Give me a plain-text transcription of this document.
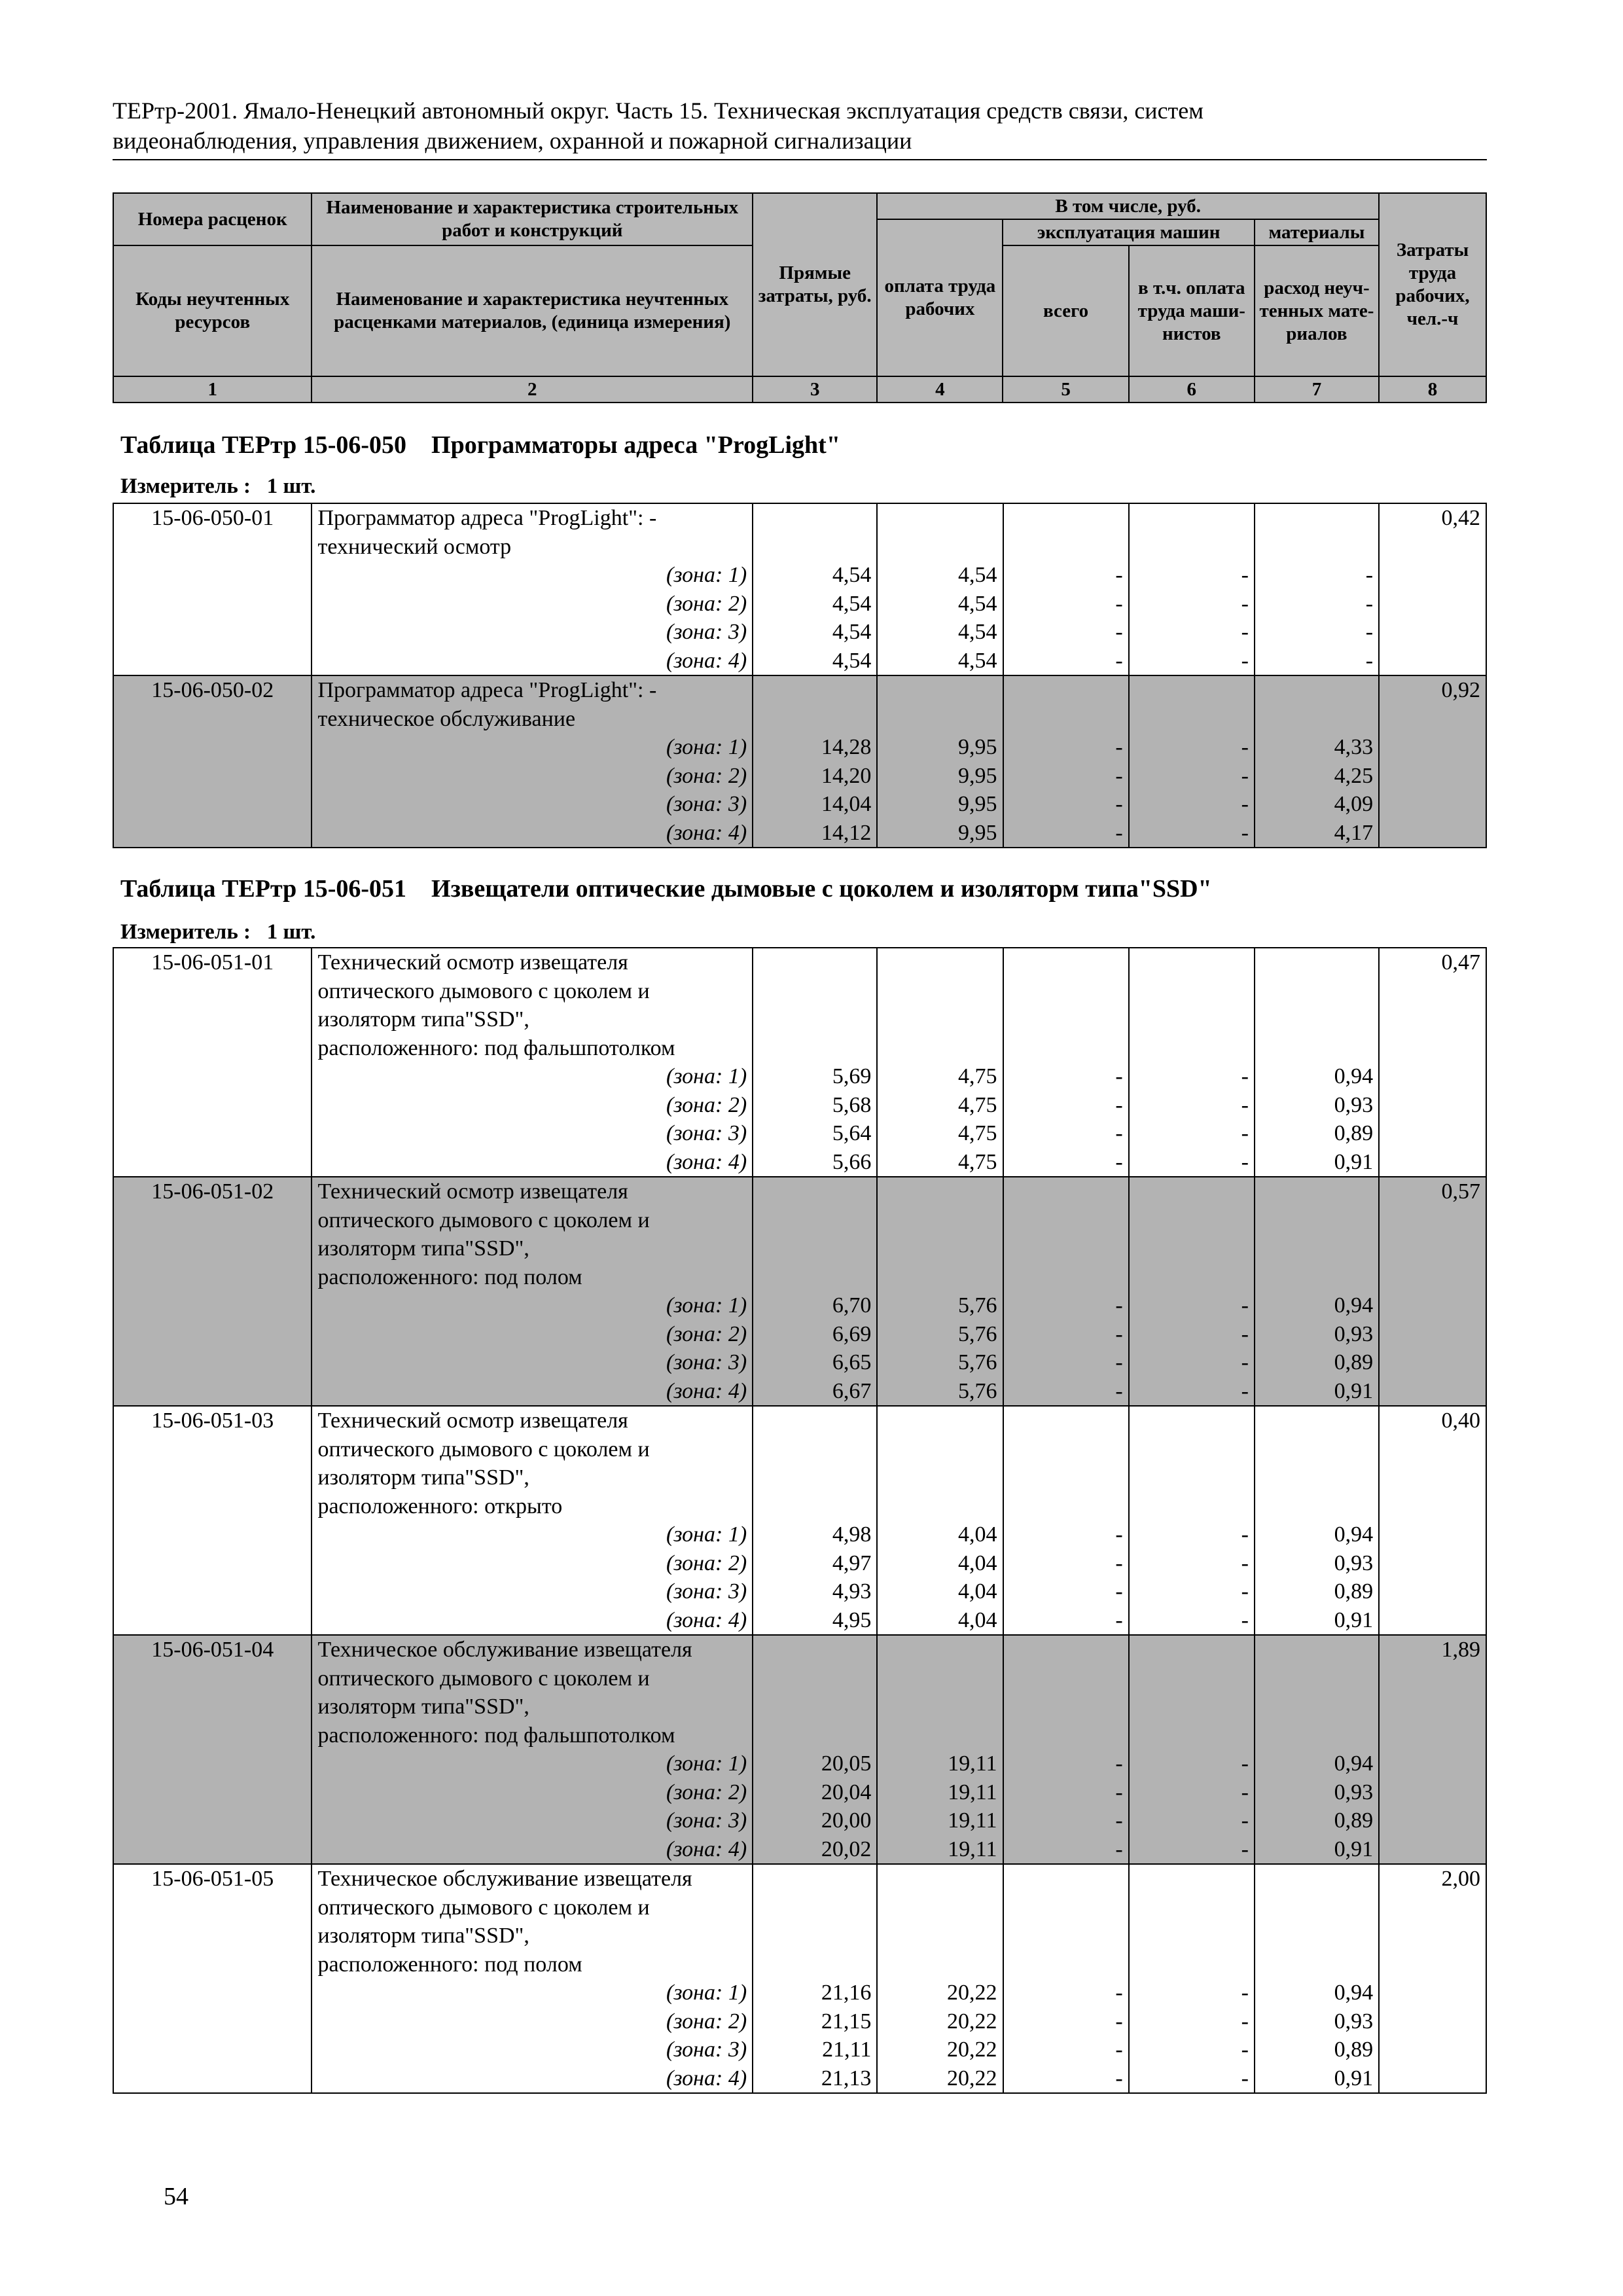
ТЕРтр-2001. Ямало-Ненецкий автономный округ. Часть 15. Техническая эксплуатация средств связи, систем
видеонаблюдения, управления движением, охранной и пожарной сигнализации
Номера расценок	Наименование и характеристика строительных работ и конструкций	Прямые затраты, руб.	В том числе, руб.				Затраты труда рабочих, чел.-ч
			оплата труда рабочих	эксплуатация машин		материалы	
Коды неучтенных ресурсов	Наименование и характеристика неучтенных расценками материалов, (единица измерения)			всего	в т.ч. оплата труда маши-нистов	расход неуч-тенных мате-риалов	
1	2	3	4	5	6	7	8
Таблица ТЕРтр 15-06-050 Программаторы адреса "ProgLight"
Измеритель : 1 шт.
15-06-050-01	Программатор адреса "ProgLight": -						0,42
	технический осмотр						
	(зона: 1)	4,54	4,54	-	-	-	
	(зона: 2)	4,54	4,54	-	-	-	
	(зона: 3)	4,54	4,54	-	-	-	
	(зона: 4)	4,54	4,54	-	-	-	
15-06-050-02	Программатор адреса "ProgLight": -						0,92
	техническое обслуживание						
	(зона: 1)	14,28	9,95	-	-	4,33	
	(зона: 2)	14,20	9,95	-	-	4,25	
	(зона: 3)	14,04	9,95	-	-	4,09	
	(зона: 4)	14,12	9,95	-	-	4,17	
Таблица ТЕРтр 15-06-051 Извещатели оптические дымовые с цоколем и изоляторм типа"SSD"
Измеритель : 1 шт.
15-06-051-01	Технический осмотр извещателя						0,47
	оптического дымового с цоколем и						
	изоляторм типа"SSD",						
	расположенного: под фальшпотолком						
	(зона: 1)	5,69	4,75	-	-	0,94	
	(зона: 2)	5,68	4,75	-	-	0,93	
	(зона: 3)	5,64	4,75	-	-	0,89	
	(зона: 4)	5,66	4,75	-	-	0,91	
15-06-051-02	Технический осмотр извещателя						0,57
	оптического дымового с цоколем и						
	изоляторм типа"SSD",						
	расположенного: под полом						
	(зона: 1)	6,70	5,76	-	-	0,94	
	(зона: 2)	6,69	5,76	-	-	0,93	
	(зона: 3)	6,65	5,76	-	-	0,89	
	(зона: 4)	6,67	5,76	-	-	0,91	
15-06-051-03	Технический осмотр извещателя						0,40
	оптического дымового с цоколем и						
	изоляторм типа"SSD",						
	расположенного: открыто						
	(зона: 1)	4,98	4,04	-	-	0,94	
	(зона: 2)	4,97	4,04	-	-	0,93	
	(зона: 3)	4,93	4,04	-	-	0,89	
	(зона: 4)	4,95	4,04	-	-	0,91	
15-06-051-04	Техническое обслуживание извещателя						1,89
	оптического дымового с цоколем и						
	изоляторм типа"SSD",						
	расположенного: под фальшпотолком						
	(зона: 1)	20,05	19,11	-	-	0,94	
	(зона: 2)	20,04	19,11	-	-	0,93	
	(зона: 3)	20,00	19,11	-	-	0,89	
	(зона: 4)	20,02	19,11	-	-	0,91	
15-06-051-05	Техническое обслуживание извещателя						2,00
	оптического дымового с цоколем и						
	изоляторм типа"SSD",						
	расположенного: под полом						
	(зона: 1)	21,16	20,22	-	-	0,94	
	(зона: 2)	21,15	20,22	-	-	0,93	
	(зона: 3)	21,11	20,22	-	-	0,89	
	(зона: 4)	21,13	20,22	-	-	0,91	
54
